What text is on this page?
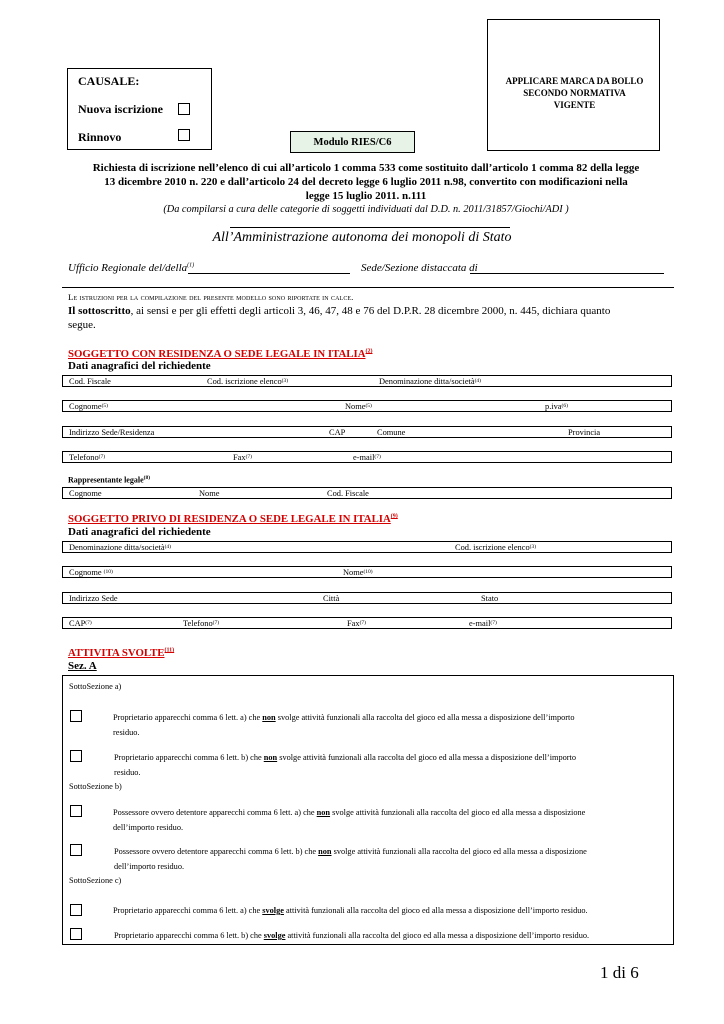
CAUSALE:
Nuova iscrizione
Rinnovo	Modulo RIES/C6
APPLICARE MARCA DA BOLLO SECONDO NORMATIVA VIGENTE
Richiesta di iscrizione nell’elenco di cui all’articolo 1 comma 533 come sostituito dall’articolo 1 comma 82 della legge
13 dicembre 2010 n. 220 e dall’articolo 24 del decreto legge 6 luglio 2011 n.98, convertito con modificazioni nella
legge 15 luglio 2011. n.111
(Da compilarsi a cura delle categorie di soggetti individuati dal D.D. n. 2011/31857/Giochi/ADI )
All’Amministrazione autonoma dei monopoli di Stato
Ufficio Regionale del/della$^{(1)}$	Sede/Sezione distaccata di
Le istruzioni per la compilazione del presente modello sono riportate in calce.
Il sottoscritto, ai sensi e per gli effetti degli articoli 3, 46, 47, 48 e 76 del D.P.R. 28 dicembre 2000, n. 445, dichiara quanto
segue.
SOGGETTO CON RESIDENZA O SEDE LEGALE IN ITALIA$^{(2)}$
Dati anagrafici del richiedente
Cod. Fiscale	Cod. iscrizione elenco$^{(3)}$	Denominazione ditta/società$^{(4)}$
Cognome$^{(5)}$	Nome$^{(5)}$	p.iva$^{(6)}$
Indirizzo Sede/Residenza	CAP	Comune	Provincia
Telefono$^{(7)}$	Fax$^{(7)}$	e-mail$^{(7)}$
Rappresentante legale$^{(8)}$
Cognome	Nome	Cod. Fiscale
SOGGETTO PRIVO DI RESIDENZA O SEDE LEGALE IN ITALIA$^{(9)}$
Dati anagrafici del richiedente
Denominazione ditta/società$^{(4)}$	Cod. iscrizione elenco$^{(3)}$
Cognome $^{(10)}$	Nome$^{(10)}$
Indirizzo Sede	Città	Stato
CAP$^{(7)}$	Telefono$^{(7)}$	Fax$^{(7)}$	e-mail$^{(7)}$
ATTIVITA SVOLTE$^{(11)}$
Sez. A
SottoSezione a)
Proprietario apparecchi comma 6 lett. a) che non svolge attività funzionali alla raccolta del gioco ed alla messa a disposizione dell’importo
residuo.
Proprietario apparecchi comma 6 lett. b) che non svolge attività funzionali alla raccolta del gioco ed alla messa a disposizione dell’importo
residuo.
SottoSezione b)
Possessore ovvero detentore apparecchi comma 6 lett. a) che non svolge attività funzionali alla raccolta del gioco ed alla messa a disposizione
dell’importo residuo.
Possessore ovvero detentore apparecchi comma 6 lett. b) che non svolge attività funzionali alla raccolta del gioco ed alla messa a disposizione
dell’importo residuo.
SottoSezione c)
Proprietario apparecchi comma 6 lett. a) che svolge attività funzionali alla raccolta del gioco ed alla messa a disposizione dell’importo residuo.
Proprietario apparecchi comma 6 lett. b) che svolge attività funzionali alla raccolta del gioco ed alla messa a disposizione dell’importo residuo.
1 di 6
